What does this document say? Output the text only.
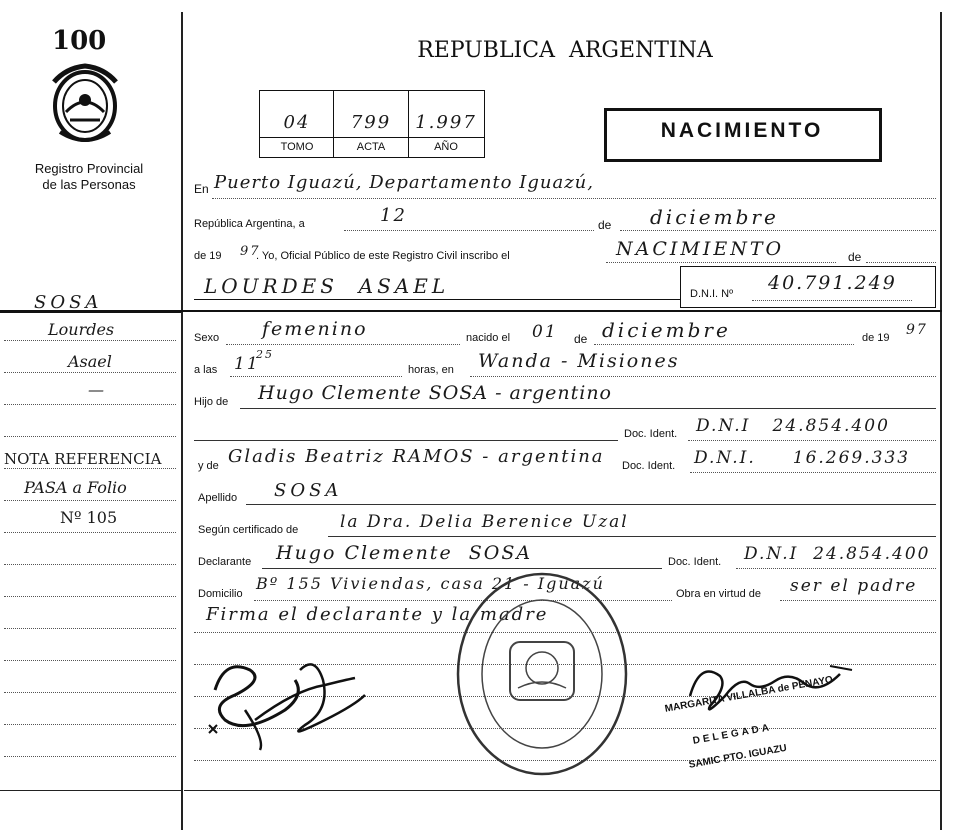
100
Registro Provincial
de las Personas
REPUBLICA  ARGENTINA
04	799	1.997
TOMO	ACTA	AÑO
NACIMIENTO
En Puerto Iguazú, Departamento Iguazú,
República Argentina, a	12	de diciembre
de 19 97
. Yo, Oficial Público de este Registro Civil inscribo el	NACIMIENTO	de
LOURDES  ASAEL	D.N.I. Nº 40.791.249
Sexo femenino	nacido el 01 de diciembre	de 19 97
a las 11
25
horas, en Wanda - Misiones
Hijo de Hugo Clemente SOSA - argentino
Doc. Ident. D.N.I   24.854.400
y de Gladis Beatriz RAMOS - argentina Doc. Ident. D.N.I.     16.269.333
Apellido SOSA
Según certificado de la Dra. Delia Berenice Uzal
Declarante Hugo Clemente  SOSA	Doc. Ident. D.N.I  24.854.400
Domicilio
Bº 155 Viviendas, casa 21 - Iguazú
Obra en virtud de ser el padre
Firma el declarante y la madre
MARGARITA VILLALBA de PENAYO
DELEGADA
SAMIC PTO. IGUAZU
SOSA
Lourdes
Asael
—
NOTA REFERENCIA
PASA a Folio
Nº 105
